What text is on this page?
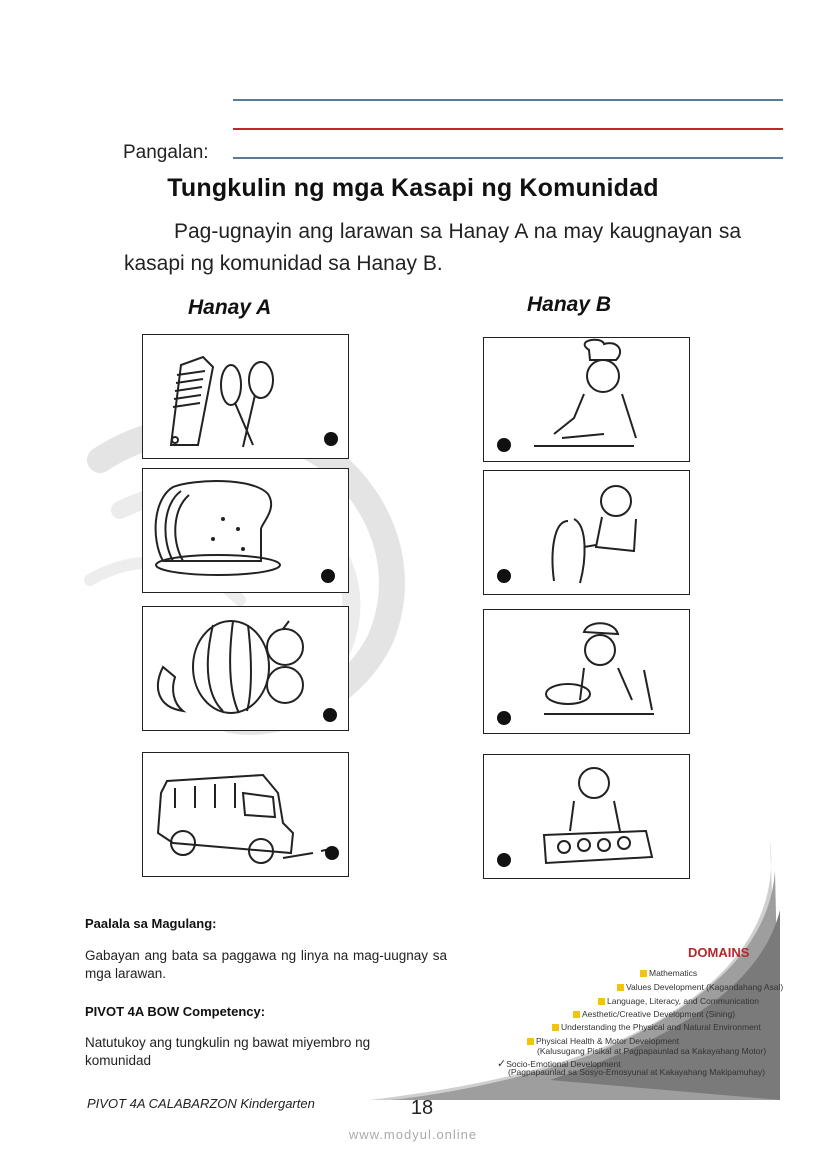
Pangalan:
Tungkulin ng mga Kasapi ng Komunidad
Pag-ugnayin ang larawan sa Hanay A na may kaugnayan sa kasapi ng komunidad sa Hanay B.
Hanay A	Hanay B
Paalala sa Magulang:
Gabayan ang bata sa paggawa ng linya na mag-uugnay sa mga larawan.
PIVOT 4A BOW Competency:
Natutukoy ang tungkulin ng bawat miyembro ng komunidad
DOMAINS
Mathematics
Values Development (Kagandahang Asal)
Language, Literacy, and Communication
Aesthetic/Creative Development (Sining)
Understanding the Physical and Natural Environment
Physical Health & Motor Development
(Kalusugang Pisikal at Pagpapaunlad sa Kakayahang Motor)
✓Socio-Emotional Development
(Pagpapaunlad sa Sosyo-Emosyunal at Kakayahang Makipamuhay)
PIVOT 4A CALABARZON Kindergarten	18
www.modyul.online
